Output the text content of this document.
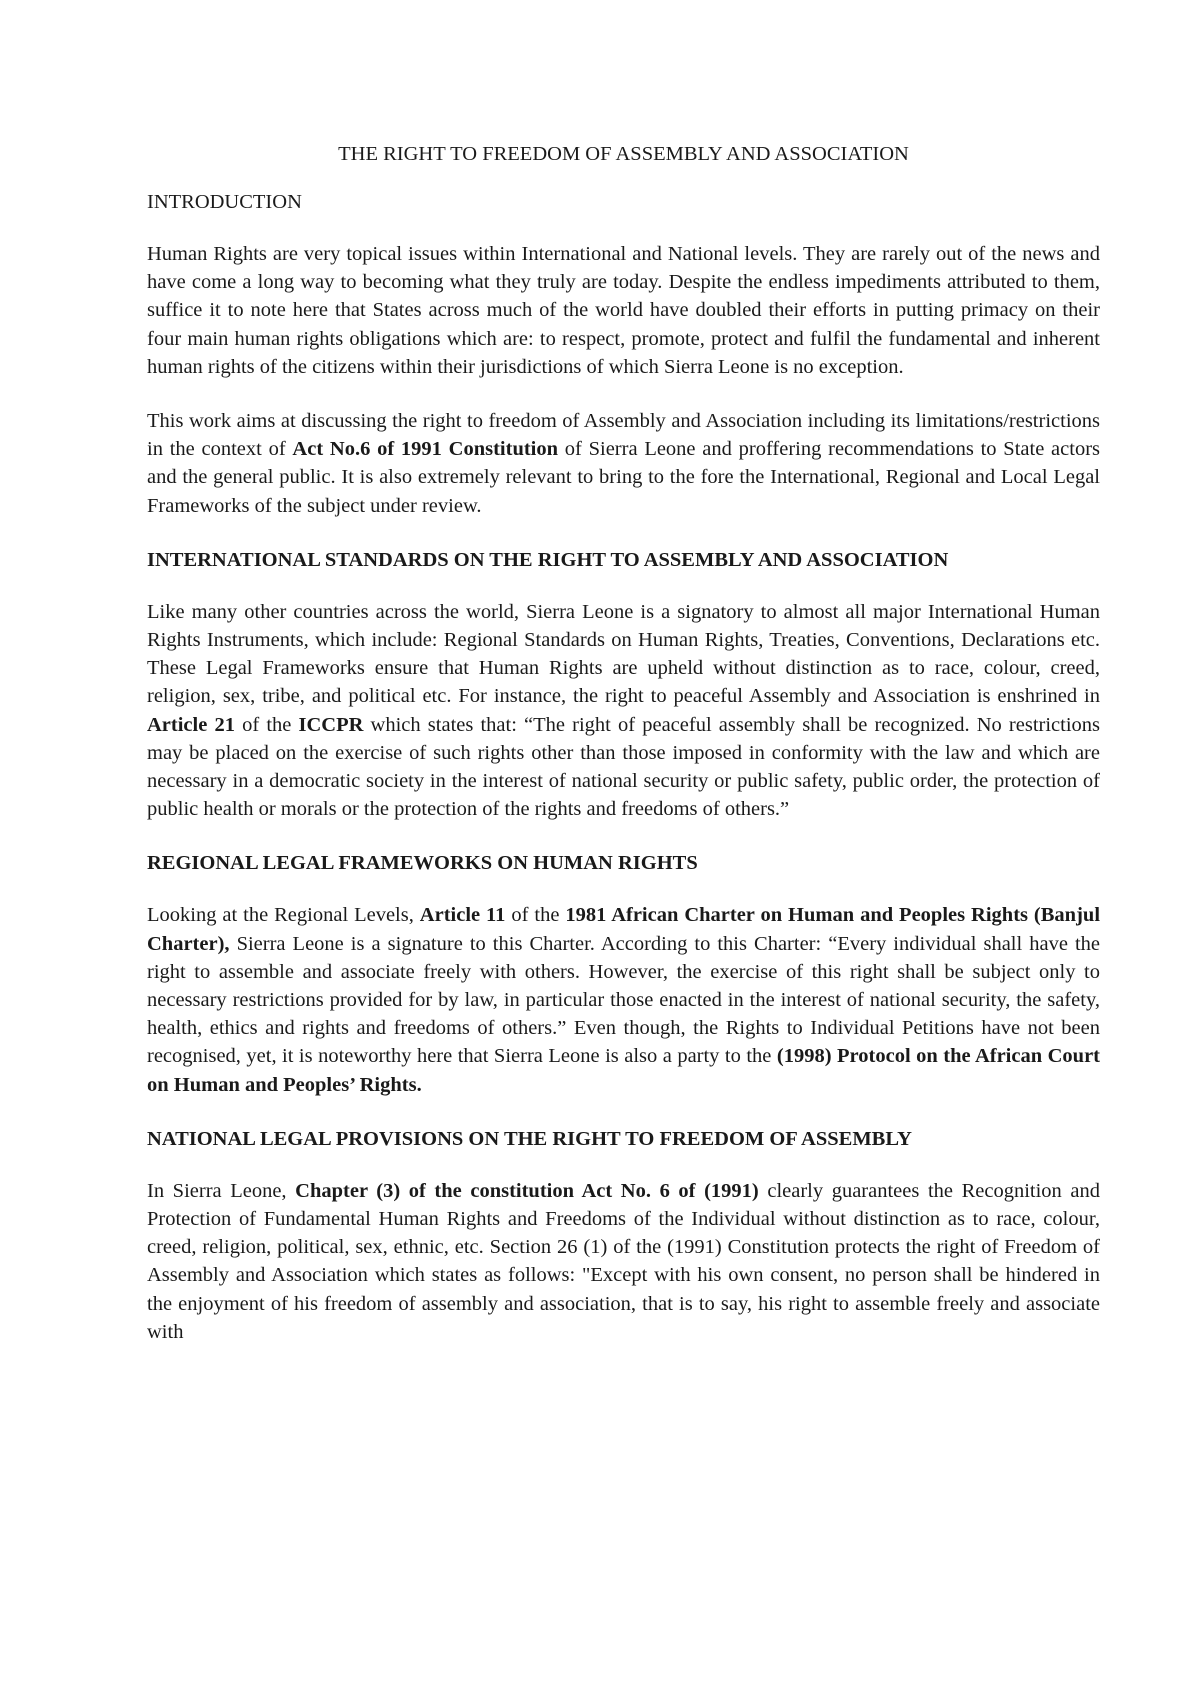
THE RIGHT TO FREEDOM OF ASSEMBLY AND ASSOCIATION
INTRODUCTION

Human Rights are very topical issues within International and National levels. They are rarely out of the news and have come a long way to becoming what they truly are today. Despite the endless impediments attributed to them, suffice it to note here that States across much of the world have doubled their efforts in putting primacy on their four main human rights obligations which are: to respect, promote, protect and fulfil the fundamental and inherent human rights of the citizens within their jurisdictions of which Sierra Leone is no exception.

This work aims at discussing the right to freedom of Assembly and Association including its limitations/restrictions in the context of Act No.6 of 1991 Constitution of Sierra Leone and proffering recommendations to State actors and the general public. It is also extremely relevant to bring to the fore the International, Regional and Local Legal Frameworks of the subject under review.

INTERNATIONAL STANDARDS ON THE RIGHT TO ASSEMBLY AND ASSOCIATION

Like many other countries across the world, Sierra Leone is a signatory to almost all major International Human Rights Instruments, which include: Regional Standards on Human Rights, Treaties, Conventions, Declarations etc. These Legal Frameworks ensure that Human Rights are upheld without distinction as to race, colour, creed, religion, sex, tribe, and political etc. For instance, the right to peaceful Assembly and Association is enshrined in Article 21 of the ICCPR which states that: “The right of peaceful assembly shall be recognized. No restrictions may be placed on the exercise of such rights other than those imposed in conformity with the law and which are necessary in a democratic society in the interest of national security or public safety, public order, the protection of public health or morals or the protection of the rights and freedoms of others.”

REGIONAL LEGAL FRAMEWORKS ON HUMAN RIGHTS

Looking at the Regional Levels, Article 11 of the 1981 African Charter on Human and Peoples Rights (Banjul Charter), Sierra Leone is a signature to this Charter. According to this Charter: “Every individual shall have the right to assemble and associate freely with others. However, the exercise of this right shall be subject only to necessary restrictions provided for by law, in particular those enacted in the interest of national security, the safety, health, ethics and rights and freedoms of others.” Even though, the Rights to Individual Petitions have not been recognised, yet, it is noteworthy here that Sierra Leone is also a party to the (1998) Protocol on the African Court on Human and Peoples’ Rights.

NATIONAL LEGAL PROVISIONS ON THE RIGHT TO FREEDOM OF ASSEMBLY

In Sierra Leone, Chapter (3) of the constitution Act No. 6 of (1991) clearly guarantees the Recognition and Protection of Fundamental Human Rights and Freedoms of the Individual without distinction as to race, colour, creed, religion, political, sex, ethnic, etc. Section 26 (1) of the (1991) Constitution protects the right of Freedom of Assembly and Association which states as follows: "Except with his own consent, no person shall be hindered in the enjoyment of his freedom of assembly and association, that is to say, his right to assemble freely and associate with
